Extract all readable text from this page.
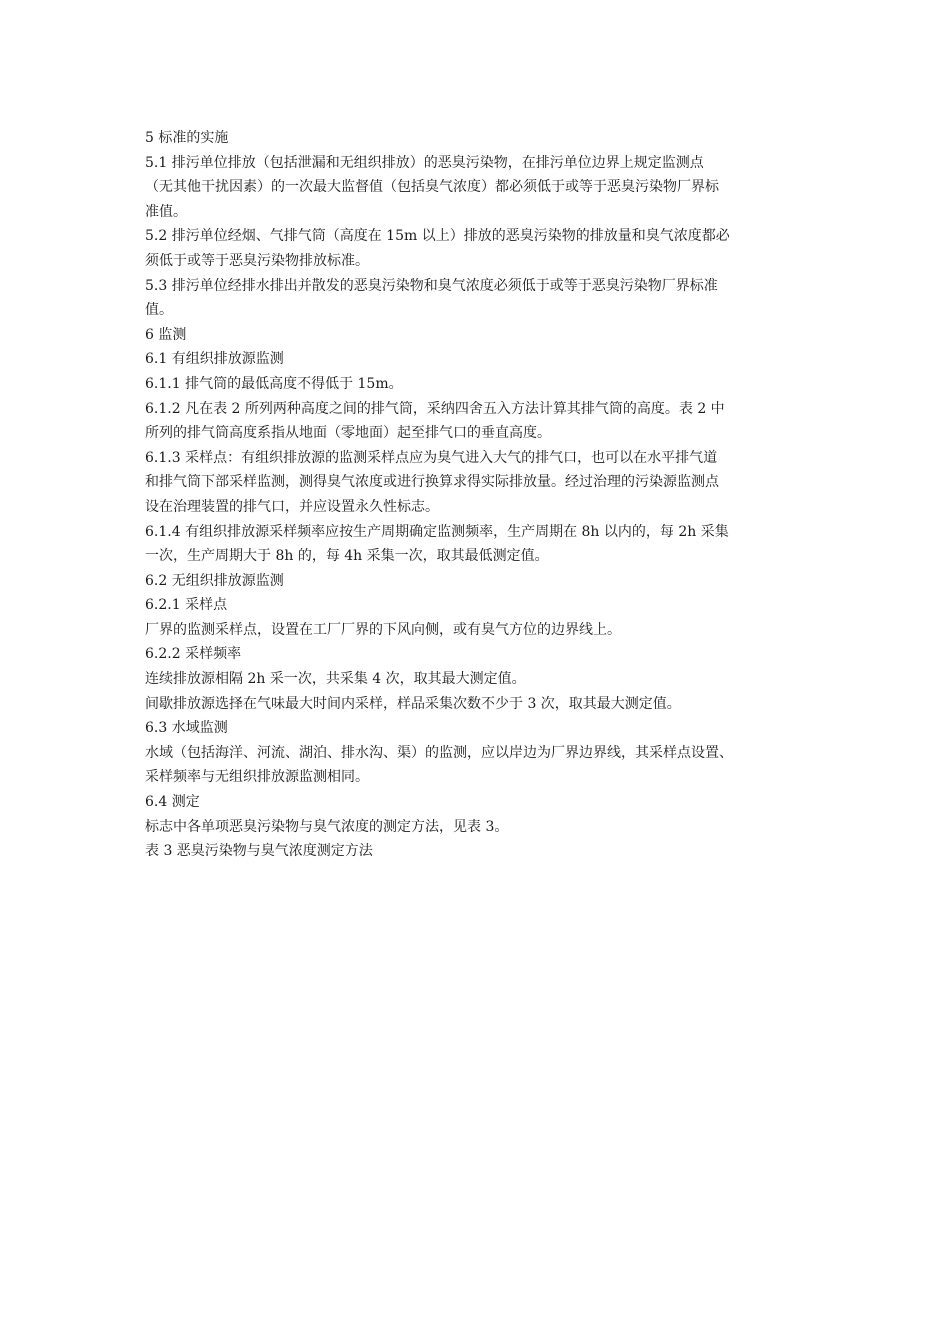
5 标准的实施
5.1 排污单位排放（包括泄漏和无组织排放）的恶臭污染物，在排污单位边界上规定监测点
（无其他干扰因素）的一次最大监督值（包括臭气浓度）都必须低于或等于恶臭污染物厂界标
准值。
5.2 排污单位经烟、气排气筒（高度在 15m 以上）排放的恶臭污染物的排放量和臭气浓度都必
须低于或等于恶臭污染物排放标准。
5.3 排污单位经排水排出并散发的恶臭污染物和臭气浓度必须低于或等于恶臭污染物厂界标准
值。
6 监测
6.1 有组织排放源监测
6.1.1 排气筒的最低高度不得低于 15m。
6.1.2 凡在表 2 所列两种高度之间的排气筒，采纳四舍五入方法计算其排气筒的高度。表 2 中
所列的排气筒高度系指从地面（零地面）起至排气口的垂直高度。
6.1.3 采样点：有组织排放源的监测采样点应为臭气进入大气的排气口，也可以在水平排气道
和排气筒下部采样监测，测得臭气浓度或进行换算求得实际排放量。经过治理的污染源监测点
设在治理装置的排气口，并应设置永久性标志。
6.1.4 有组织排放源采样频率应按生产周期确定监测频率，生产周期在 8h 以内的，每 2h 采集
一次，生产周期大于 8h 的，每 4h 采集一次，取其最低测定值。
6.2 无组织排放源监测
6.2.1 采样点
厂界的监测采样点，设置在工厂厂界的下风向侧，或有臭气方位的边界线上。
6.2.2 采样频率
连续排放源相隔 2h 采一次，共采集 4 次，取其最大测定值。
间歇排放源选择在气味最大时间内采样，样品采集次数不少于 3 次，取其最大测定值。
6.3 水域监测
水域（包括海洋、河流、湖泊、排水沟、渠）的监测，应以岸边为厂界边界线，其采样点设置、
采样频率与无组织排放源监测相同。
6.4 测定
标志中各单项恶臭污染物与臭气浓度的测定方法，见表 3。
表 3 恶臭污染物与臭气浓度测定方法
